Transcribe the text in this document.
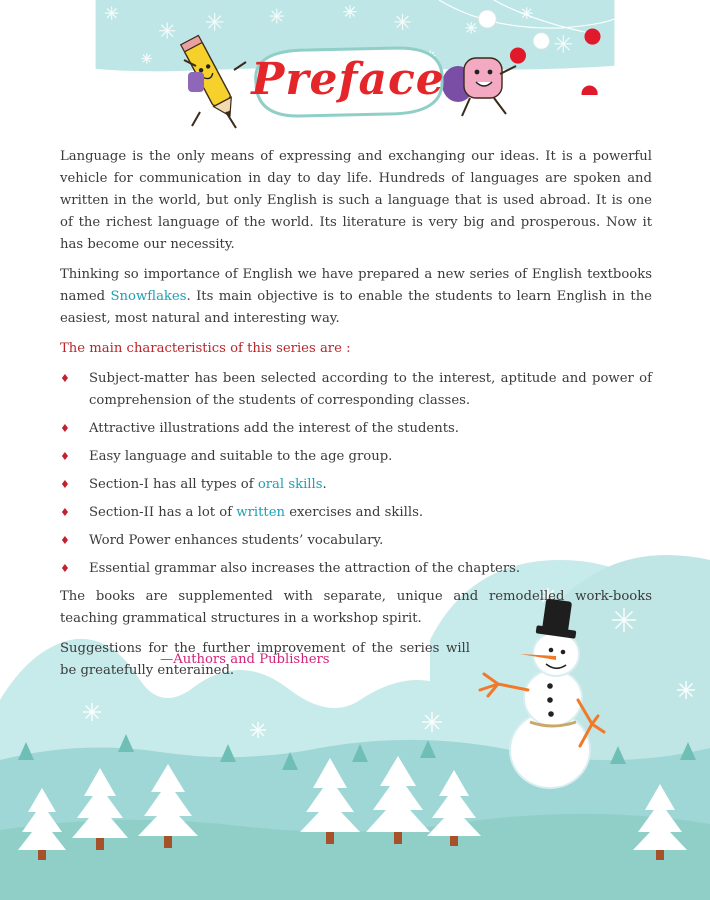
Preface

Language is the only means of expressing and exchanging our ideas. It is a powerful vehicle for communication in day to day life. Hundreds of languages are spoken and written in the world, but only English is such a language that is used abroad. It is one of the richest language of the world. Its literature is very big and prosperous. Now it has become our necessity.

Thinking so importance of English we have prepared a new series of English textbooks named Snowflakes. Its main objective is to enable the students to learn English in the easiest, most natural and interesting way.

The main characteristics of this series are :

♦ Subject-matter has been selected according to the interest, aptitude and power of comprehension of the students of corresponding classes.
♦ Attractive illustrations add the interest of the students.
♦ Easy language and suitable to the age group.
♦ Section-I has all types of oral skills.
♦ Section-II has a lot of written exercises and skills.
♦ Word Power enhances students’ vocabulary.
♦ Essential grammar also increases the attraction of the chapters.

The books are supplemented with separate, unique and remodelled work-books teaching grammatical structures in a workshop spirit.

Suggestions for the further improvement of the series will be greatefully enterained.

—Authors and Publishers
